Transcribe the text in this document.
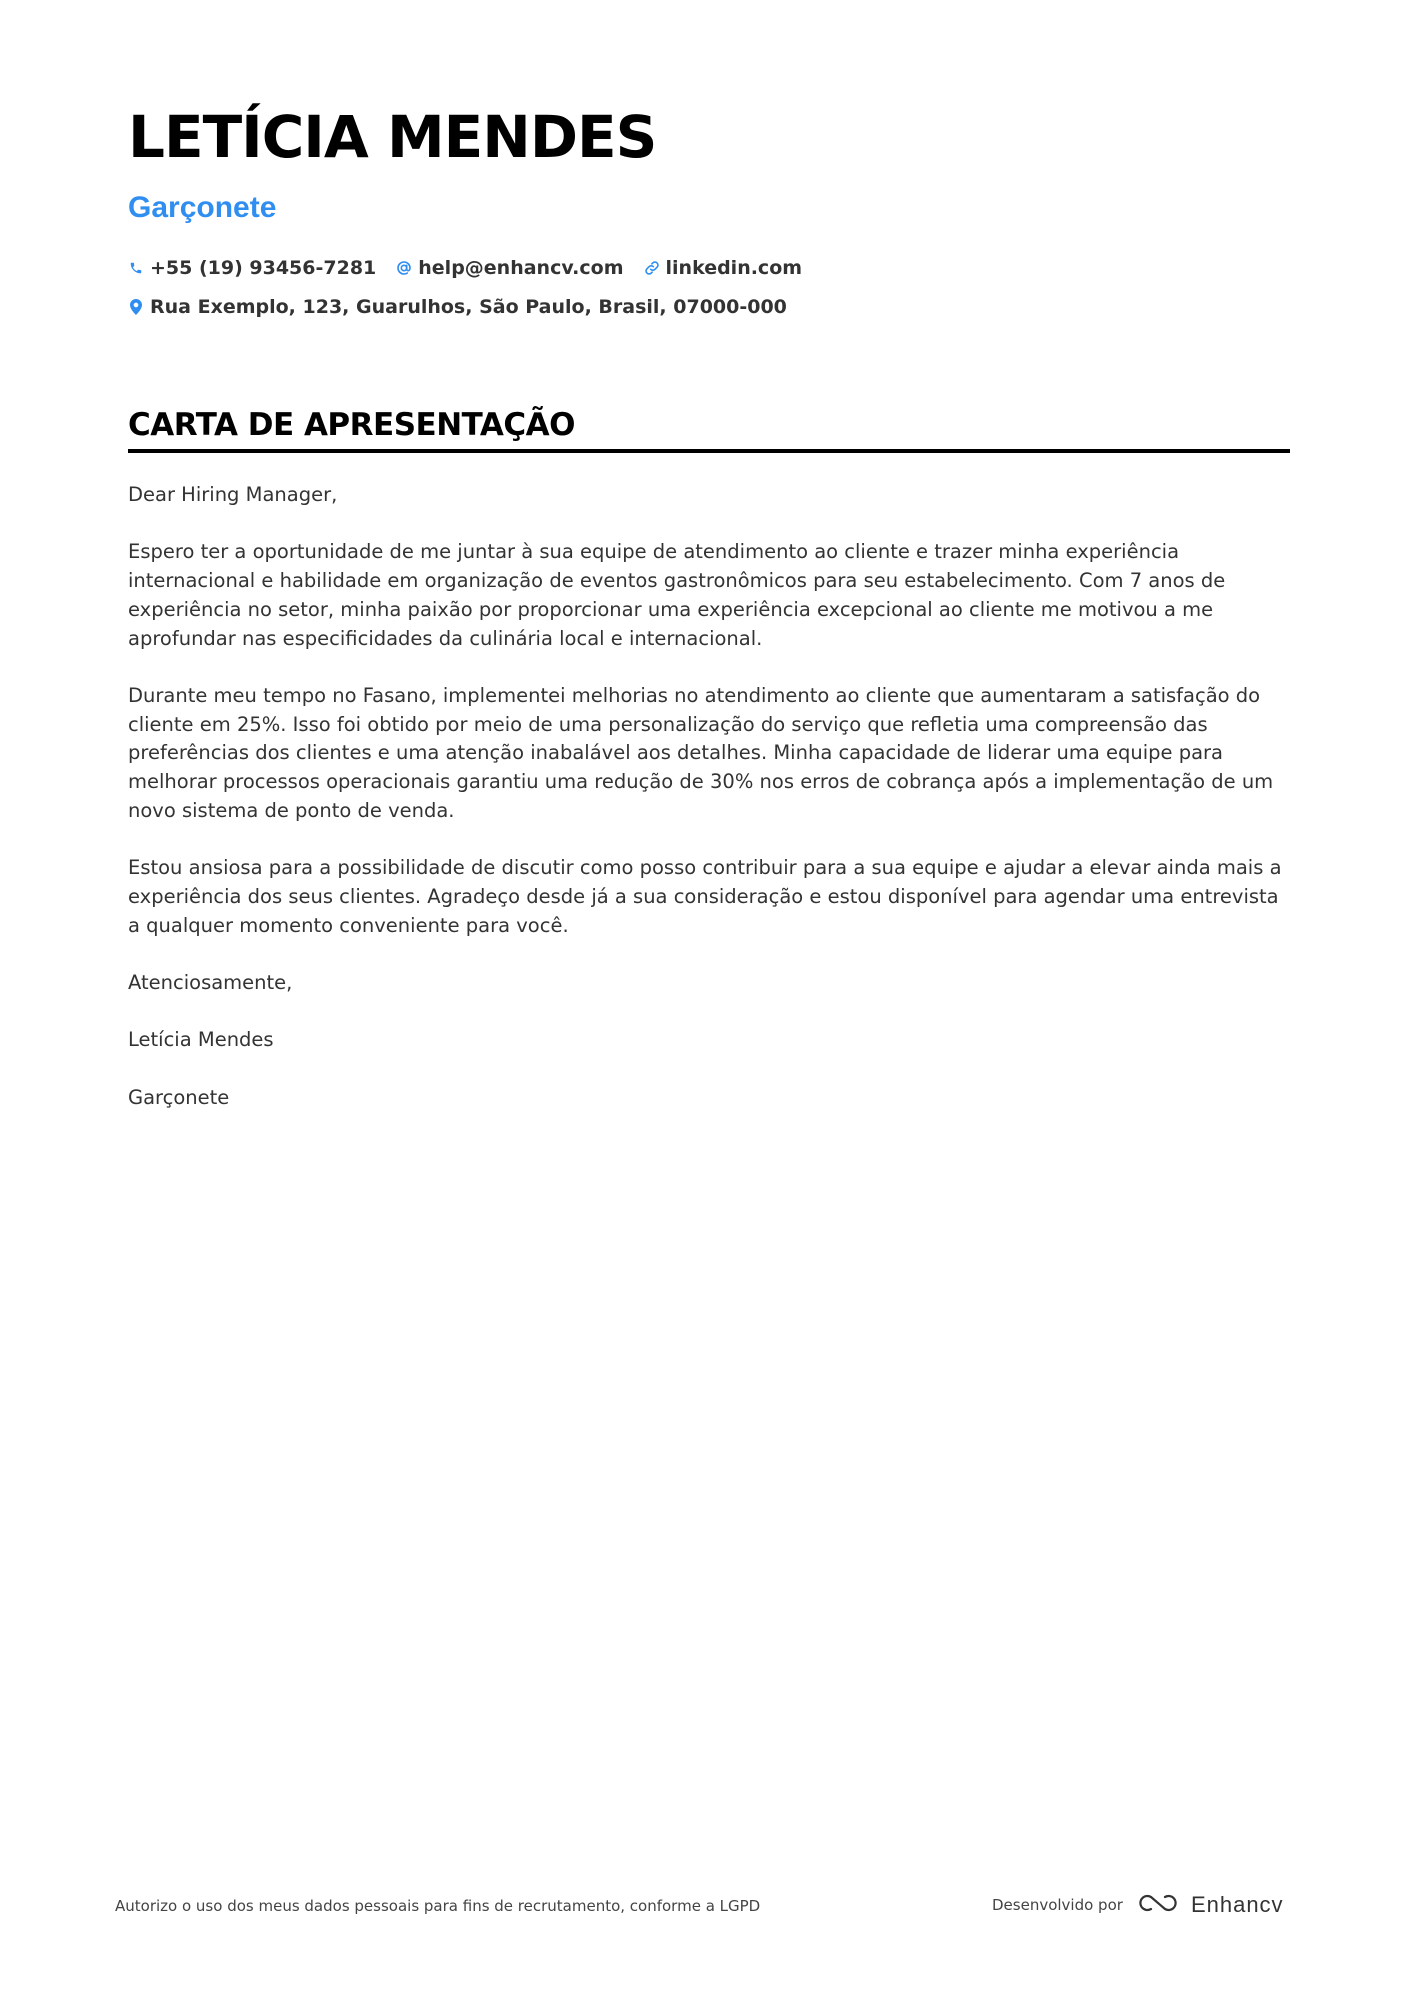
LETÍCIA MENDES
Garçonete
+55 (19) 93456-7281 help@enhancv.com linkedin.com
Rua Exemplo, 123, Guarulhos, São Paulo, Brasil, 07000-000
CARTA DE APRESENTAÇÃO

Dear Hiring Manager,

Espero ter a oportunidade de me juntar à sua equipe de atendimento ao cliente e trazer minha experiência internacional e habilidade em organização de eventos gastronômicos para seu estabelecimento. Com 7 anos de experiência no setor, minha paixão por proporcionar uma experiência excepcional ao cliente me motivou a me aprofundar nas especificidades da culinária local e internacional.

Durante meu tempo no Fasano, implementei melhorias no atendimento ao cliente que aumentaram a satisfação do cliente em 25%. Isso foi obtido por meio de uma personalização do serviço que refletia uma compreensão das preferências dos clientes e uma atenção inabalável aos detalhes. Minha capacidade de liderar uma equipe para melhorar processos operacionais garantiu uma redução de 30% nos erros de cobrança após a implementação de um novo sistema de ponto de venda.

Estou ansiosa para a possibilidade de discutir como posso contribuir para a sua equipe e ajudar a elevar ainda mais a experiência dos seus clientes. Agradeço desde já a sua consideração e estou disponível para agendar uma entrevista a qualquer momento conveniente para você.

Atenciosamente,

Letícia Mendes

Garçonete

Autorizo o uso dos meus dados pessoais para fins de recrutamento, conforme a LGPD	Desenvolvido por	Enhancv
